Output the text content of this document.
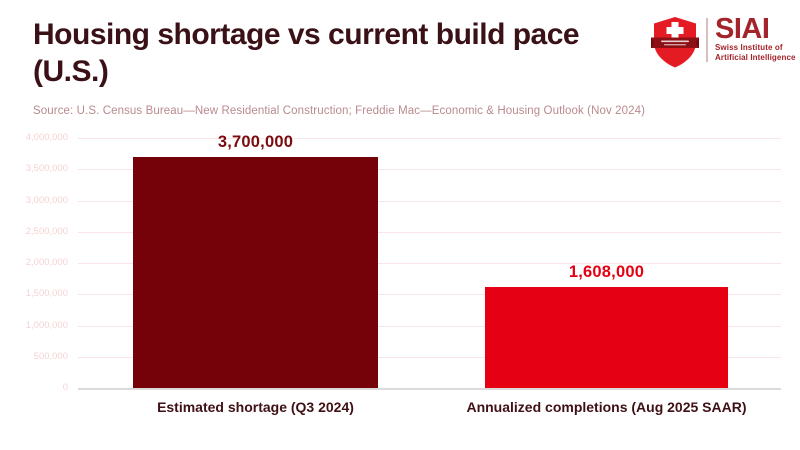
Housing shortage vs current build pace
(U.S.)
Source: U.S. Census Bureau—New Residential Construction; Freddie Mac—Economic & Housing Outlook (Nov 2024)
SIAI
Swiss Institute of
Artificial Intelligence
0
500,000
1,000,000
1,500,000
2,000,000
2,500,000
3,000,000
3,500,000
4,000,000	3,700,000
Estimated shortage (Q3 2024)
1,608,000
Annualized completions (Aug 2025 SAAR)
